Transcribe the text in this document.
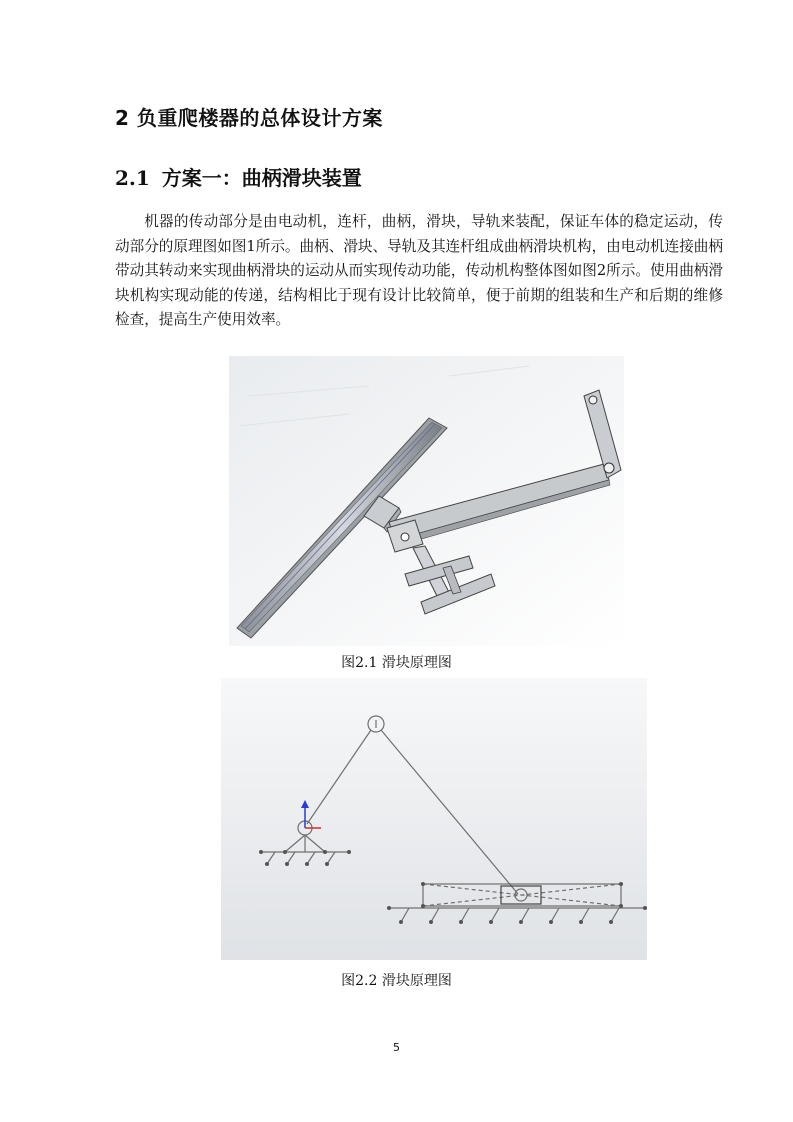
2 负重爬楼器的总体设计方案
2.1 方案一：曲柄滑块装置

机器的传动部分是由电动机，连杆，曲柄，滑块，导轨来装配，保证车体的稳定运动，传动部分的原理图如图1所示。曲柄、滑块、导轨及其连杆组成曲柄滑块机构，由电动机连接曲柄带动其转动来实现曲柄滑块的运动从而实现传动功能，传动机构整体图如图2所示。使用曲柄滑块机构实现动能的传递，结构相比于现有设计比较简单，便于前期的组装和生产和后期的维修检查，提高生产使用效率。

图2.1 滑块原理图

图2.2 滑块原理图

5
